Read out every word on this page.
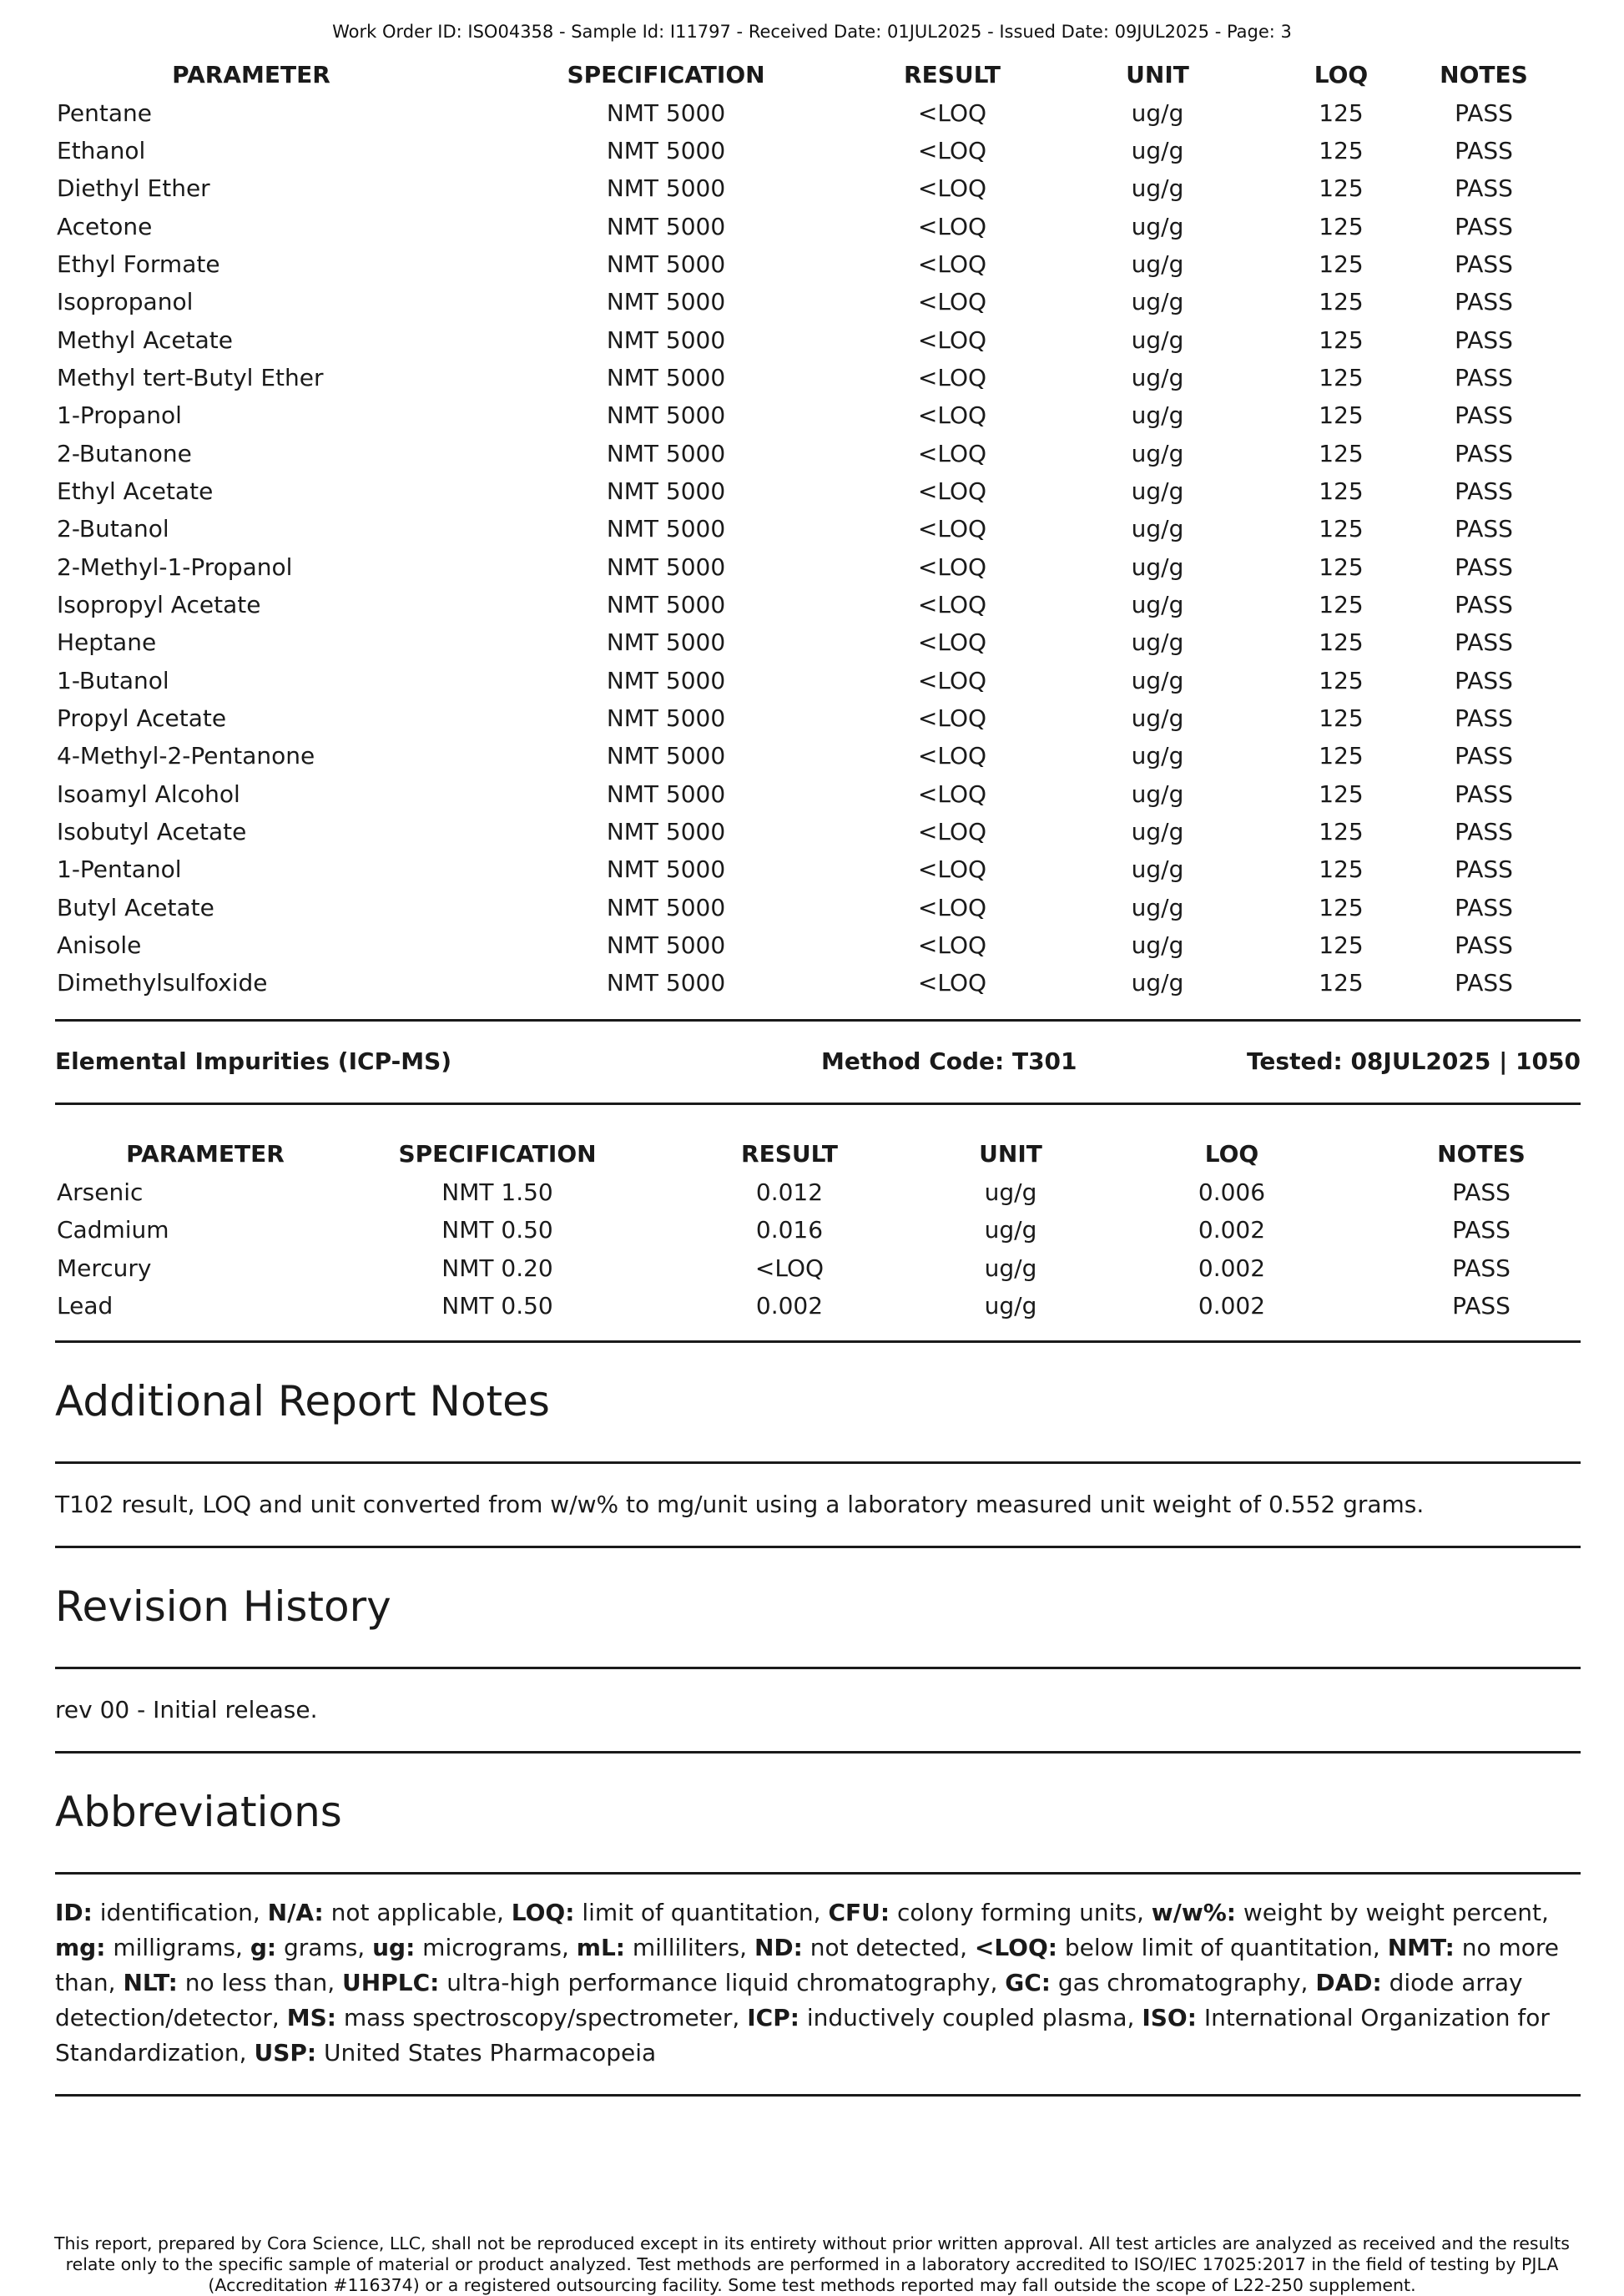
Work Order ID: ISO04358 - Sample Id: I11797 - Received Date: 01JUL2025 - Issued Date: 09JUL2025 - Page: 3
PARAMETER	SPECIFICATION	RESULT	UNIT	LOQ	NOTES
Pentane	NMT 5000	<LOQ	ug/g	125	PASS
Ethanol	NMT 5000	<LOQ	ug/g	125	PASS
Diethyl Ether	NMT 5000	<LOQ	ug/g	125	PASS
Acetone	NMT 5000	<LOQ	ug/g	125	PASS
Ethyl Formate	NMT 5000	<LOQ	ug/g	125	PASS
Isopropanol	NMT 5000	<LOQ	ug/g	125	PASS
Methyl Acetate	NMT 5000	<LOQ	ug/g	125	PASS
Methyl tert-Butyl Ether	NMT 5000	<LOQ	ug/g	125	PASS
1-Propanol	NMT 5000	<LOQ	ug/g	125	PASS
2-Butanone	NMT 5000	<LOQ	ug/g	125	PASS
Ethyl Acetate	NMT 5000	<LOQ	ug/g	125	PASS
2-Butanol	NMT 5000	<LOQ	ug/g	125	PASS
2-Methyl-1-Propanol	NMT 5000	<LOQ	ug/g	125	PASS
Isopropyl Acetate	NMT 5000	<LOQ	ug/g	125	PASS
Heptane	NMT 5000	<LOQ	ug/g	125	PASS
1-Butanol	NMT 5000	<LOQ	ug/g	125	PASS
Propyl Acetate	NMT 5000	<LOQ	ug/g	125	PASS
4-Methyl-2-Pentanone	NMT 5000	<LOQ	ug/g	125	PASS
Isoamyl Alcohol	NMT 5000	<LOQ	ug/g	125	PASS
Isobutyl Acetate	NMT 5000	<LOQ	ug/g	125	PASS
1-Pentanol	NMT 5000	<LOQ	ug/g	125	PASS
Butyl Acetate	NMT 5000	<LOQ	ug/g	125	PASS
Anisole	NMT 5000	<LOQ	ug/g	125	PASS
Dimethylsulfoxide	NMT 5000	<LOQ	ug/g	125	PASS
Elemental Impurities (ICP-MS)	Method Code: T301	Tested: 08JUL2025 | 1050
PARAMETER	SPECIFICATION	RESULT	UNIT	LOQ	NOTES
Arsenic	NMT 1.50	0.012	ug/g	0.006	PASS
Cadmium	NMT 0.50	0.016	ug/g	0.002	PASS
Mercury	NMT 0.20	<LOQ	ug/g	0.002	PASS
Lead	NMT 0.50	0.002	ug/g	0.002	PASS
Additional Report Notes
T102 result, LOQ and unit converted from w/w% to mg/unit using a laboratory measured unit weight of 0.552 grams.
Revision History
rev 00 - Initial release.
Abbreviations
ID: identification, N/A: not applicable, LOQ: limit of quantitation, CFU: colony forming units, w/w%: weight by weight percent, mg: milligrams, g: grams, ug: micrograms, mL: milliliters, ND: not detected, <LOQ: below limit of quantitation, NMT: no more than, NLT: no less than, UHPLC: ultra-high performance liquid chromatography, GC: gas chromatography, DAD: diode array detection/detector, MS: mass spectroscopy/spectrometer, ICP: inductively coupled plasma, ISO: International Organization for Standardization, USP: United States Pharmacopeia
This report, prepared by Cora Science, LLC, shall not be reproduced except in its entirety without prior written approval. All test articles are analyzed as received and the results relate only to the specific sample of material or product analyzed. Test methods are performed in a laboratory accredited to ISO/IEC 17025:2017 in the field of testing by PJLA (Accreditation #116374) or a registered outsourcing facility. Some test methods reported may fall outside the scope of L22-250 supplement.
